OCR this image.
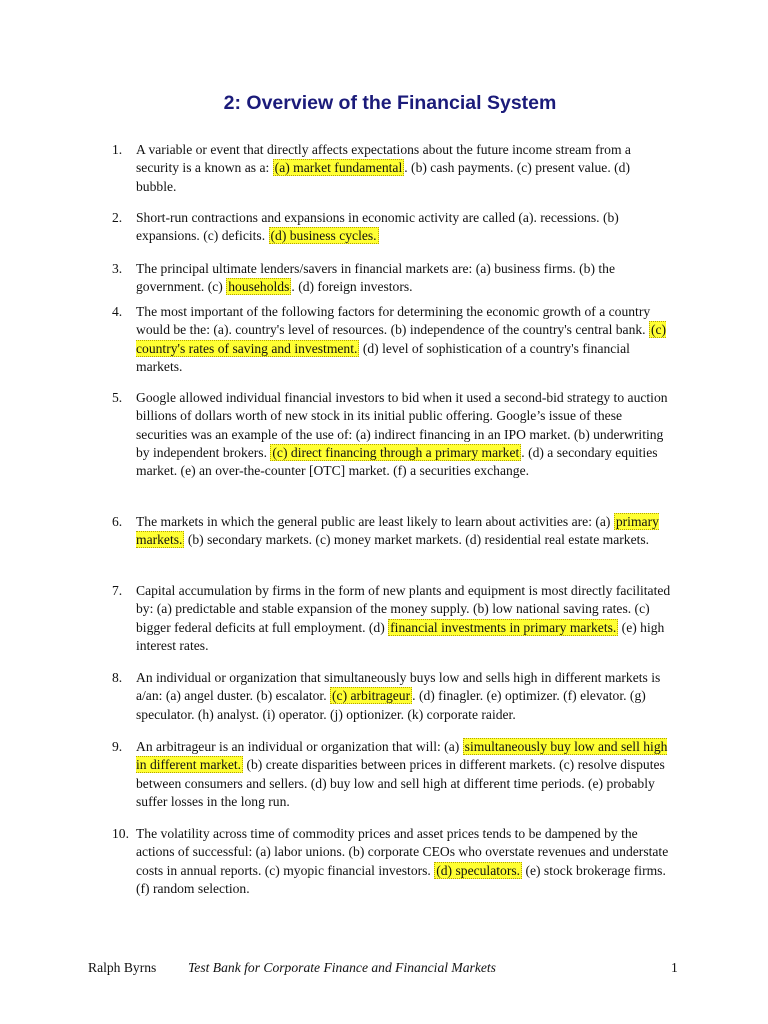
2: Overview of the Financial System
1.	A variable or event that directly affects expectations about the future income stream from a security is a known as a: (a) market fundamental . (b) cash payments. (c) present value. (d) bubble.
2.	Short-run contractions and expansions in economic activity are called (a). recessions. (b) expansions. (c) deficits. (d) business cycles.
3.	The principal ultimate lenders/savers in financial markets are: (a) business firms. (b) the government. (c) households . (d) foreign investors.
4.	The most important of the following factors for determining the economic growth of a country would be the: (a). country's level of resources. (b) independence of the country's central bank. (c) country's rates of saving and investment. (d) level of sophistication of a country's financial markets.
5.	Google allowed individual financial investors to bid when it used a second-bid strategy to auction billions of dollars worth of new stock in its initial public offering. Google’s issue of these securities was an example of the use of: (a) indirect financing in an IPO market. (b) underwriting by independent brokers. (c) direct financing through a primary market . (d) a secondary equities market. (e) an over-the-counter [OTC] market. (f) a securities exchange.
6.	The markets in which the general public are least likely to learn about activities are: (a) primary markets. (b) secondary markets. (c) money market markets. (d) residential real estate markets.
7.	Capital accumulation by firms in the form of new plants and equipment is most directly facilitated by: (a) predictable and stable expansion of the money supply. (b) low national saving rates. (c) bigger federal deficits at full employment. (d) financial investments in primary markets. (e) high interest rates.
8.	An individual or organization that simultaneously buys low and sells high in different markets is a/an: (a) angel duster. (b) escalator. (c) arbitrageur . (d) finagler. (e) optimizer. (f) elevator. (g) speculator. (h) analyst. (i) operator. (j) optionizer. (k) corporate raider.
9.	An arbitrageur is an individual or organization that will: (a) simultaneously buy low and sell high in different market. (b) create disparities between prices in different markets. (c) resolve disputes between consumers and sellers. (d) buy low and sell high at different time periods. (e) probably suffer losses in the long run.
10. The volatility across time of commodity prices and asset prices tends to be dampened by the actions of successful: (a) labor unions. (b) corporate CEOs who overstate revenues and understate costs in annual reports. (c) myopic financial investors. (d) speculators. (e) stock brokerage firms. (f) random selection.
Ralph Byrns Test Bank for Corporate Finance and Financial Markets	1
